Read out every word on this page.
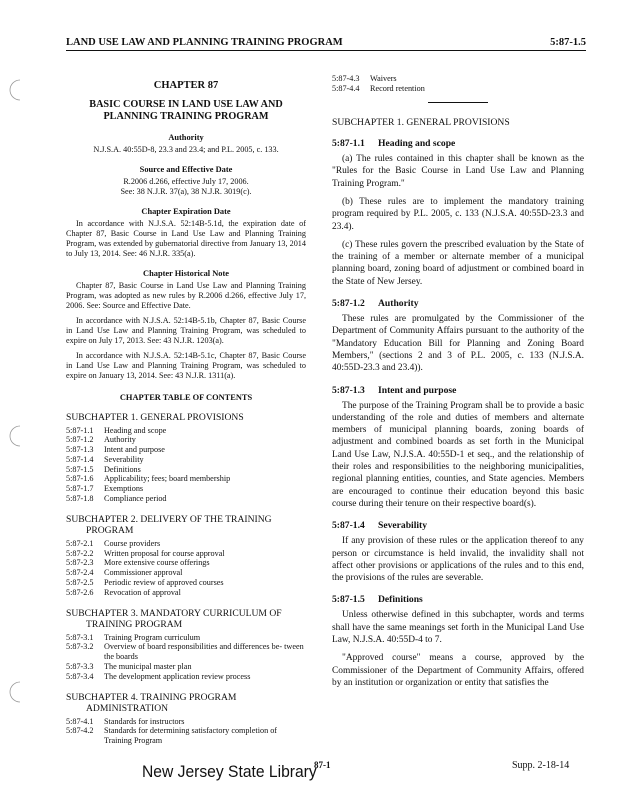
LAND USE LAW AND PLANNING TRAINING PROGRAM	5:87-1.5
CHAPTER 87
BASIC COURSE IN LAND USE LAW AND PLANNING TRAINING PROGRAM
Authority
N.J.S.A. 40:55D-8, 23.3 and 23.4; and P.L. 2005, c. 133.
Source and Effective Date
R.2006 d.266, effective July 17, 2006.
See: 38 N.J.R. 37(a), 38 N.J.R. 3019(c).
Chapter Expiration Date
In accordance with N.J.S.A. 52:14B-5.1d, the expiration date of Chapter 87, Basic Course in Land Use Law and Planning Training Program, was extended by gubernatorial directive from January 13, 2014 to July 13, 2014. See: 46 N.J.R. 335(a).
Chapter Historical Note
Chapter 87, Basic Course in Land Use Law and Planning Training Program, was adopted as new rules by R.2006 d.266, effective July 17, 2006. See: Source and Effective Date.
In accordance with N.J.S.A. 52:14B-5.1b, Chapter 87, Basic Course in Land Use Law and Planning Training Program, was scheduled to expire on July 17, 2013. See: 43 N.J.R. 1203(a).
In accordance with N.J.S.A. 52:14B-5.1c, Chapter 87, Basic Course in Land Use Law and Planning Training Program, was scheduled to expire on January 13, 2014. See: 43 N.J.R. 1311(a).
CHAPTER TABLE OF CONTENTS
SUBCHAPTER 1. GENERAL PROVISIONS
5:87-1.1	Heading and scope
5:87-1.2	Authority
5:87-1.3	Intent and purpose
5:87-1.4	Severability
5:87-1.5	Definitions
5:87-1.6	Applicability; fees; board membership
5:87-1.7	Exemptions
5:87-1.8	Compliance period
SUBCHAPTER 2. DELIVERY OF THE TRAINING
PROGRAM
5:87-2.1	Course providers
5:87-2.2	Written proposal for course approval
5:87-2.3	More extensive course offerings
5:87-2.4	Commissioner approval
5:87-2.5	Periodic review of approved courses
5:87-2.6	Revocation of approval
SUBCHAPTER 3. MANDATORY CURRICULUM OF
TRAINING PROGRAM
5:87-3.1	Training Program curriculum
5:87-3.2	Overview of board responsibilities and differences be- tween the boards
5:87-3.3	The municipal master plan
5:87-3.4	The development application review process
SUBCHAPTER 4. TRAINING PROGRAM
ADMINISTRATION
5:87-4.1	Standards for instructors
5:87-4.2	Standards for determining satisfactory completion of Training Program
5:87-4.3	Waivers
5:87-4.4	Record retention
SUBCHAPTER 1. GENERAL PROVISIONS
5:87-1.1	Heading and scope
(a) The rules contained in this chapter shall be known as the "Rules for the Basic Course in Land Use Law and Planning Training Program."
(b) These rules are to implement the mandatory training program required by P.L. 2005, c. 133 (N.J.S.A. 40:55D-23.3 and 23.4).
(c) These rules govern the prescribed evaluation by the State of the training of a member or alternate member of a municipal planning board, zoning board of adjustment or combined board in the State of New Jersey.
5:87-1.2	Authority
These rules are promulgated by the Commissioner of the Department of Community Affairs pursuant to the authority of the "Mandatory Education Bill for Planning and Zoning Board Members," (sections 2 and 3 of P.L. 2005, c. 133 (N.J.S.A. 40:55D-23.3 and 23.4)).
5:87-1.3	Intent and purpose
The purpose of the Training Program shall be to provide a basic understanding of the role and duties of members and alternate members of municipal planning boards, zoning boards of adjustment and combined boards as set forth in the Municipal Land Use Law, N.J.S.A. 40:55D-1 et seq., and the relationship of their roles and responsibilities to the neighboring municipalities, regional planning entities, counties, and State agencies. Members are encouraged to continue their education beyond this basic course during their tenure on their respective board(s).
5:87-1.4	Severability
If any provision of these rules or the application thereof to any person or circumstance is held invalid, the invalidity shall not affect other provisions or applications of the rules and to this end, the provisions of the rules are severable.
5:87-1.5	Definitions
Unless otherwise defined in this subchapter, words and terms shall have the same meanings set forth in the Municipal Land Use Law, N.J.S.A. 40:55D-4 to 7.
"Approved course" means a course, approved by the Commissioner of the Department of Community Affairs, offered by an institution or organization or entity that satisfies the
New Jersey State Library
87-1	Supp. 2-18-14
